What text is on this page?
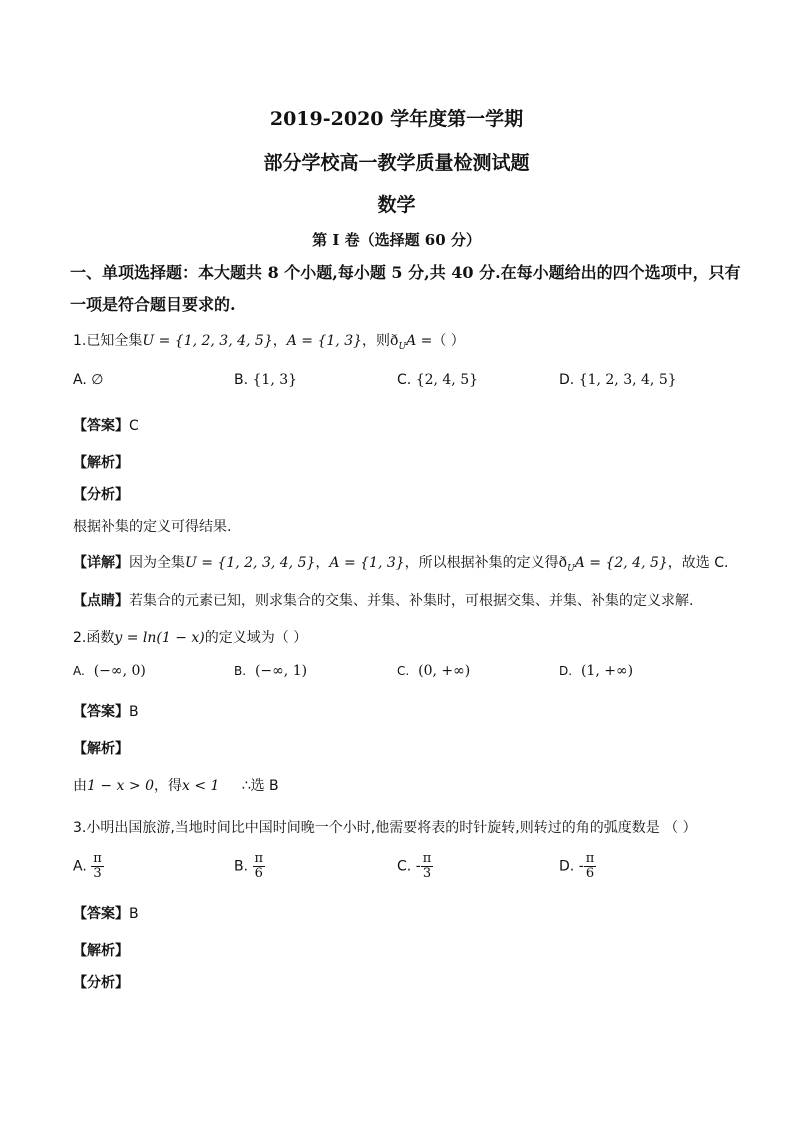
2019-2020 学年度第一学期
部分学校高一教学质量检测试题
数学
第 I 卷（选择题 60 分）
一、单项选择题：本大题共 8 个小题,每小题 5 分,共 40 分.在每小题给出的四个选项中，只有
一项是符合题目要求的.
1.已知全集U = {1, 2, 3, 4, 5}，A = {1, 3}，则$ð_UA$ =（ ）
A. ∅	B. {1, 3}	C. {2, 4, 5}	D. {1, 2, 3, 4, 5}
【答案】C
【解析】
【分析】
根据补集的定义可得结果.
【详解】因为全集U = {1, 2, 3, 4, 5}，A = {1, 3}，所以根据补集的定义得$ð_UA = \{2$, 4, 5}，故选 C.
【点睛】若集合的元素已知，则求集合的交集、并集、补集时，可根据交集、并集、补集的定义求解.
2.函数y = ln(1 − x)的定义域为（ ）
A. (−∞, 0)	B. (−∞, 1)	C. (0, +∞)	D. (1, +∞)
【答案】B
【解析】
由1 − x > 0，得x < 1 ∴选 B
3.小明出国旅游,当地时间比中国时间晚一个小时,他需要将表的时针旋转,则转过的角的弧度数是 （ ）
A. $\frac{\pi}{3}$	B. $\frac{\pi}{6}$	C. - $\frac{\pi}{3}$	D. - $\frac{\pi}{6}$
【答案】B
【解析】
【分析】
